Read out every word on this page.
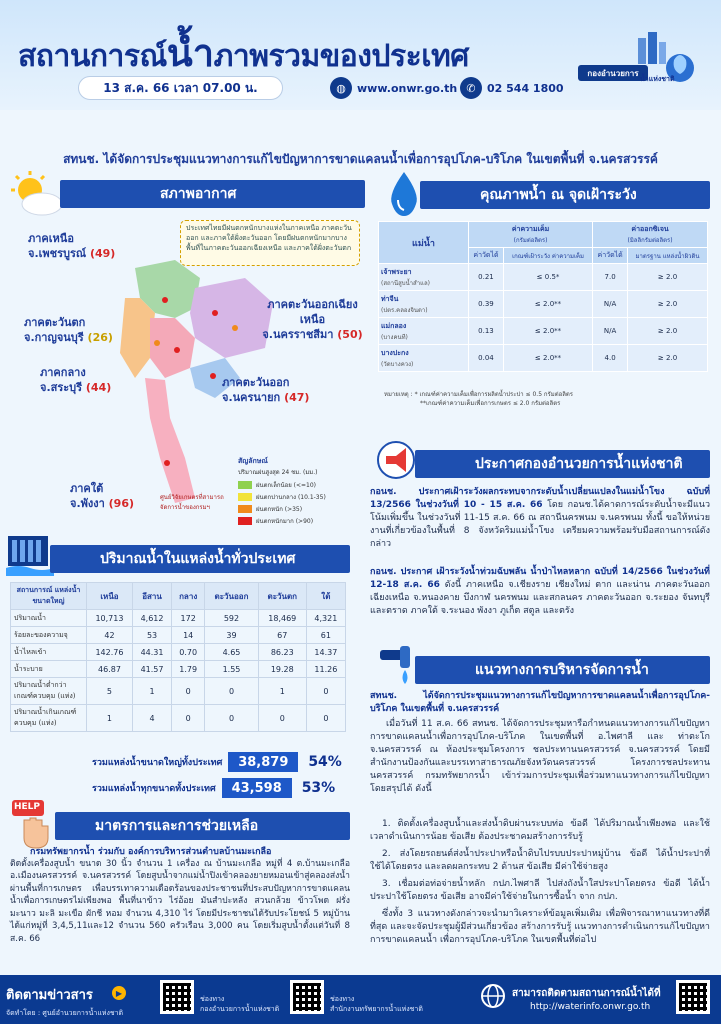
สถานการณ์น้ำภาพรวมของประเทศ
13 ส.ค. 66 เวลา 07.00 น.	◍	www.onwr.go.th ✆	02 544 1800
กองอำนวยการ
น้ำแห่งชาติ
สทนช. ได้จัดการประชุมแนวทางการแก้ไขปัญหาการขาดแคลนน้ำเพื่อการอุปโภค-บริโภค ในเขตพื้นที่ จ.นครสวรรค์
สภาพอากาศ
ประเทศไทยมีฝนตกหนักบางแห่งในภาคเหนือ ภาคตะวันออก และภาคใต้ฝั่งตะวันออก โดยมีฝนตกหนักมากบางพื้นที่ในภาคตะวันออกเฉียงเหนือ และภาคใต้ฝั่งตะวันตก
ภาคเหนือ
จ.เพชรบูรณ์ (49)
ภาคตะวันออกเฉียงเหนือ
จ.นครราชสีมา (50)
ภาคตะวันตก
จ.กาญจนบุรี (26)
ภาคกลาง
จ.สระบุรี (44)	ภาคตะวันออก
จ.นครนายก (47)
ภาคใต้
จ.พังงา (96)	ศูนย์วิจัยเกษตรที่สามารถ จัดการน้ำของกรมฯ
สัญลักษณ์
ปริมาณฝนสูงสุด 24 ชม. (มม.)
ฝนตกเล็กน้อย (<=10)
ฝนตกปานกลาง (10.1-35)
ฝนตกหนัก (>35)
ฝนตกหนักมาก (>90)
คุณภาพน้ำ ณ จุดเฝ้าระวัง
แม่น้ำ	ค่าความเค็ม
(กรัมต่อลิตร)		ค่าออกซิเจน
(มิลลิกรัมต่อลิตร)	
	ค่าวัดได้	เกณฑ์เฝ้าระวัง ค่าความเค็ม	ค่าวัดได้	มาตรฐาน แหล่งน้ำผิวดิน
เจ้าพระยา
(สถานีสูบน้ำสำแล)	0.21	≤ 0.5*	7.0	≥ 2.0
ท่าจีน
(ปตร.คลองจินดา)	0.39	≤ 2.0**	N/A	≥ 2.0
แม่กลอง
(บางคนที)	0.13	≤ 2.0**	N/A	≥ 2.0
บางปะกง
(วัดบางควง)	0.04	≤ 2.0**	4.0	≥ 2.0
หมายเหตุ : * เกณฑ์ค่าความเค็มเพื่อการผลิตน้ำประปา ≤ 0.5 กรัมต่อลิตร
**เกณฑ์ค่าความเค็มเพื่อการเกษตร ≤ 2.0 กรัมต่อลิตร
ประกาศกองอำนวยการน้ำแห่งชาติ
กอนช. ประกาศเฝ้าระวังผลกระทบจากระดับน้ำเปลี่ยนแปลงในแม่น้ำโขง ฉบับที่ 13/2566 ในช่วงวันที่ 10 - 15 ส.ค. 66 โดย กอนช.ได้คาดการณ์ระดับน้ำจะมีแนวโน้มเพิ่มขึ้น ในช่วงวันที่ 11-15 ส.ค. 66 ณ สถานีนครพนม จ.นครพนม ทั้งนี้ ขอให้หน่วยงานที่เกี่ยวข้องในพื้นที่ 8 จังหวัดริมแม่น้ำโขง เตรียมความพร้อมรับมือสถานการณ์ดังกล่าว
กอนช. ประกาศ เฝ้าระวังน้ำท่วมฉับพลัน น้ำป่าไหลหลาก ฉบับที่ 14/2566 ในช่วงวันที่ 12-18 ส.ค. 66 ดังนี้ ภาคเหนือ จ.เชียงราย เชียงใหม่ ตาก และน่าน ภาคตะวันออกเฉียงเหนือ จ.หนองคาย บึงกาฬ นครพนม และสกลนคร ภาคตะวันออก จ.ระยอง จันทบุรี และตราด ภาคใต้ จ.ระนอง พังงา ภูเก็ต สตูล และตรัง
ปริมาณน้ำในแหล่งน้ำทั่วประเทศ
สถานการณ์ แหล่งน้ำขนาดใหญ่	เหนือ	อีสาน	กลาง	ตะวันออก	ตะวันตก	ใต้
ปริมาณน้ำ	10,713	4,612	172	592	18,469	4,321
ร้อยละของความจุ	42	53	14	39	67	61
น้ำไหลเข้า	142.76	44.31	0.70	4.65	86.23	14.37
น้ำระบาย	46.87	41.57	1.79	1.55	19.28	11.26
ปริมาณน้ำต่ำกว่าเกณฑ์ควบคุม (แห่ง)	5	1	0	0	1	0
ปริมาณน้ำเกินเกณฑ์ควบคุม (แห่ง)	1	4	0	0	0	0
รวมแหล่งน้ำขนาดใหญ่ทั้งประเทศ	38,879	54%
รวมแหล่งน้ำทุกขนาดทั้งประเทศ	43,598	53%
แนวทางการบริหารจัดการน้ำ
สทนช. ได้จัดการประชุมแนวทางการแก้ไขปัญหาการขาดแคลนน้ำเพื่อการอุปโภค-บริโภค ในเขตพื้นที่ จ.นครสวรรค์
เมื่อวันที่ 11 ส.ค. 66 สทนช. ได้จัดการประชุมหารือกำหนดแนวทางการแก้ไขปัญหาการขาดแคลนน้ำเพื่อการอุปโภค-บริโภค ในเขตพื้นที่ อ.ไพศาลี และ ท่าตะโก จ.นครสวรรค์ ณ ห้องประชุมโครงการ ชลประทานนครสวรรค์ จ.นครสวรรค์ โดยมี สำนักงานป้องกันและบรรเทาสาธารณภัยจังหวัดนครสวรรค์ โครงการชลประทานนครสวรรค์ กรมทรัพยากรน้ำ เข้าร่วมการประชุมเพื่อร่วมหาแนวทางการแก้ไขปัญหา โดยสรุปได้ ดังนี้
1. ติดตั้งเครื่องสูบน้ำและส่งน้ำดิบผ่านระบบท่อ ข้อดี ได้ปริมาณน้ำเพียงพอ และใช้เวลาดำเนินการน้อย ข้อเสีย ต้องประชาคมสร้างการรับรู้
2. ส่งโดยรถยนต์ส่งน้ำประปาหรือน้ำดิบไปรบบประปาหมู่บ้าน ข้อดี ได้น้ำประปาที่ใช้ได้โดยตรง และลดผลกระทบ 2 ด้านส ข้อเสีย มีค่าใช้จ่ายสูง
3. เชื่อมต่อท่อจ่ายน้ำหลัก กปภ.ไพศาลี ไปส่งถังน้ำใสประปาโดยตรง ข้อดี ได้น้ำประปาใช้โดยตรง ข้อเสีย อาจมีค่าใช้จ่ายในการซื้อน้ำ จาก กปภ.
ซึ่งทั้ง 3 แนวทางดังกล่าวจะนำมาวิเคราะห์ข้อมูลเพิ่มเติม เพื่อพิจารณาหาแนวทางที่ดีที่สุด และจะจัดประชุมผู้มีส่วนเกี่ยวข้อง สร้างการรับรู้ แนวทางการดำเนินการแก้ไขปัญหาการขาดแคลนน้ำ เพื่อการอุปโภค-บริโภค ในเขตพื้นที่ต่อไป
HELP
มาตรการและการช่วยเหลือ
กรมทรัพยากรน้ำ ร่วมกับ องค์การบริหารส่วนตำบลบ้านมะเกลือ
ติดตั้งเครื่องสูบน้ำ ขนาด 30 นิ้ว จำนวน 1 เครื่อง ณ บ้านมะเกลือ หมู่ที่ 4 ต.บ้านมะเกลือ อ.เมืองนครสวรรค์ จ.นครสวรรค์ โดยสูบน้ำจากแม่น้ำปิงเข้าคลองยายหมอนเข้าสู่คลองส่งน้ำผ่านพื้นที่การเกษตร เพื่อบรรเทาความเดือดร้อนของประชาชนที่ประสบปัญหาการขาดแคลนน้ำเพื่อการเกษตรไม่เพียงพอ พื้นที่นาข้าว ไร่อ้อย มันสำปะหลัง สวนกล้วย ข้าวโพด ฝรั่ง มะนาว มะลิ มะเขือ ผักชี หอม จำนวน 4,310 ไร่ โดยมีประชาชนได้รับประโยชน์ 5 หมู่บ้าน ได้แก่หมู่ที่ 3,4,5,11และ12 จำนวน 560 ครัวเรือน 3,000 คน โดยเริ่มสูบน้ำตั้งแต่วันที่ 8 ส.ค. 66
ติดตามข่าวสาร	▶
จัดทำโดย : ศูนย์อำนวยการน้ำแห่งชาติ
ช่องทาง
กองอำนวยการน้ำแห่งชาติ
ช่องทาง
สำนักงานทรัพยากรน้ำแห่งชาติ
สามารถติดตามสถานการณ์น้ำได้ที่
http://waterinfo.onwr.go.th
